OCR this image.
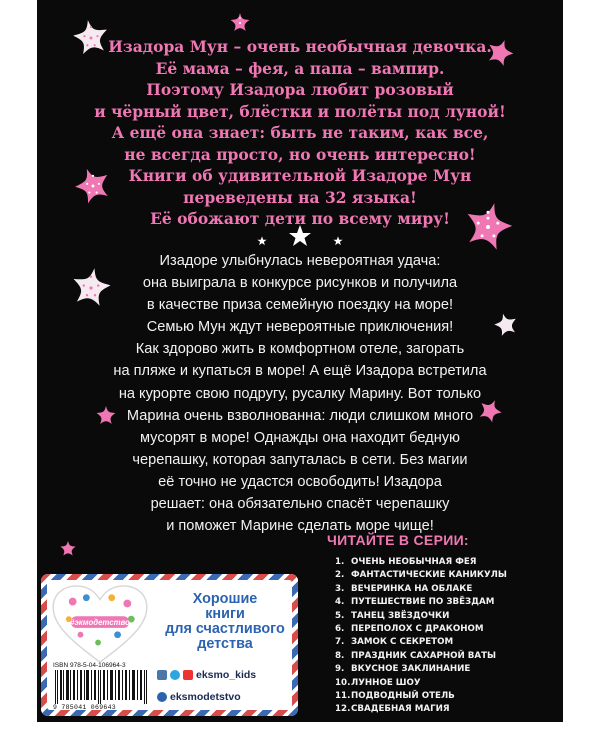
Изадора Мун – очень необычная девочка.
Её мама – фея, а папа – вампир.
Поэтому Изадора любит розовый
и чёрный цвет, блёстки и полёты под луной!
А ещё она знает: быть не таким, как все,
не всегда просто, но очень интересно!
Книги об удивительной Изадоре Мун
переведены на 32 языка!
Её обожают дети по всему миру!
Изадоре улыбнулась невероятная удача:
она выиграла в конкурсе рисунков и получила
в качестве приза семейную поездку на море!
Семью Мун ждут невероятные приключения!
Как здорово жить в комфортном отеле, загорать
на пляже и купаться в море! А ещё Изадора встретила
на курорте свою подругу, русалку Марину. Вот только
Марина очень взволнованна: люди слишком много
мусорят в море! Однажды она находит бедную
черепашку, которая запуталась в сети. Без магии
её точно не удастся освободить! Изадора
решает: она обязательно спасёт черепашку
и поможет Марине сделать море чище!
ЧИТАЙТЕ В СЕРИИ:
1. ОЧЕНЬ НЕОБЫЧНАЯ ФЕЯ
2. ФАНТАСТИЧЕСКИЕ КАНИКУЛЫ
3. ВЕЧЕРИНКА НА ОБЛАКЕ
4. ПУТЕШЕСТВИЕ ПО ЗВЁЗДАМ
5. ТАНЕЦ ЗВЁЗДОЧКИ
6. ПЕРЕПОЛОХ С ДРАКОНОМ
7. ЗАМОК С СЕКРЕТОМ
8. ПРАЗДНИК САХАРНОЙ ВАТЫ
9. ВКУСНОЕ ЗАКЛИНАНИЕ
10.ЛУННОЕ ШОУ
11.ПОДВОДНЫЙ ОТЕЛЬ
12.СВАДЕБНАЯ МАГИЯ
#экмодетство
Хорошие
книги
для счастливого
детства
ISBN 978-5-04-106964-3
9 785041 069643
eksmo_kids
eksmodetstvo
